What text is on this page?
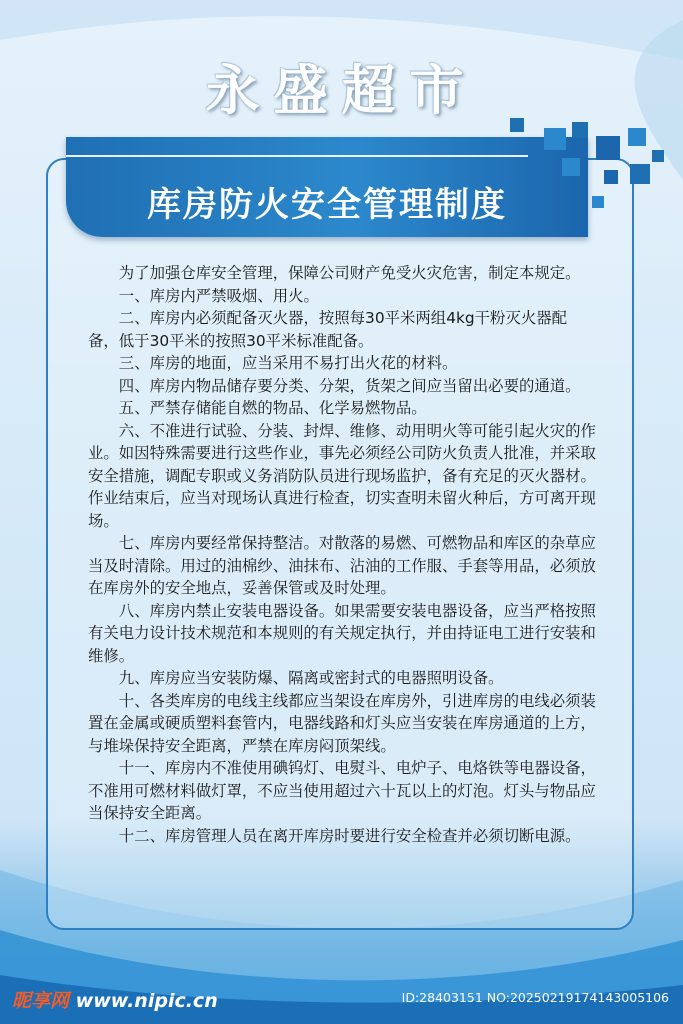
永盛超市
库房防火安全管理制度

为了加强仓库安全管理，保障公司财产免受火灾危害，制定本规定。

一、库房内严禁吸烟、用火。

二、库房内必须配备灭火器，按照每30平米两组4kg干粉灭火器配备，低于30平米的按照30平米标准配备。

三、库房的地面，应当采用不易打出火花的材料。

四、库房内物品储存要分类、分架，货架之间应当留出必要的通道。

五、严禁存储能自燃的物品、化学易燃物品。

六、不准进行试验、分装、封焊、维修、动用明火等可能引起火灾的作业。如因特殊需要进行这些作业，事先必须经公司防火负责人批准，并采取安全措施，调配专职或义务消防队员进行现场监护，备有充足的灭火器材。作业结束后，应当对现场认真进行检查，切实查明未留火种后，方可离开现场。

七、库房内要经常保持整洁。对散落的易燃、可燃物品和库区的杂草应当及时清除。用过的油棉纱、油抹布、沾油的工作服、手套等用品，必须放在库房外的安全地点，妥善保管或及时处理。

八、库房内禁止安装电器设备。如果需要安装电器设备，应当严格按照有关电力设计技术规范和本规则的有关规定执行，并由持证电工进行安装和维修。

九、库房应当安装防爆、隔离或密封式的电器照明设备。

十、各类库房的电线主线都应当架设在库房外，引进库房的电线必须装置在金属或硬质塑料套管内，电器线路和灯头应当安装在库房通道的上方，与堆垛保持安全距离，严禁在库房闷顶架线。

十一、库房内不准使用碘钨灯、电熨斗、电炉子、电烙铁等电器设备，不准用可燃材料做灯罩，不应当使用超过六十瓦以上的灯泡。灯头与物品应当保持安全距离。

十二、库房管理人员在离开库房时要进行安全检查并必须切断电源。

昵享网 www.nipic.cn	ID:28403151 NO:20250219174143005106
